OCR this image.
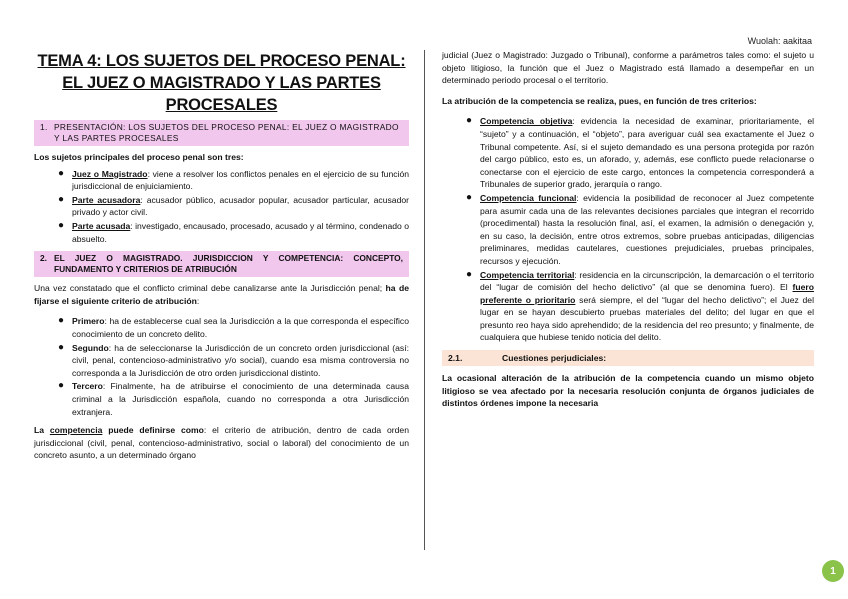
Wuolah: aakitaa
TEMA 4: LOS SUJETOS DEL PROCESO PENAL: EL JUEZ O MAGISTRADO Y LAS PARTES PROCESALES
1. PRESENTACIÓN: LOS SUJETOS DEL PROCESO PENAL: EL JUEZ O MAGISTRADO Y LAS PARTES PROCESALES

Los sujetos principales del proceso penal son tres:

● Juez o Magistrado: viene a resolver los conflictos penales en el ejercicio de su función jurisdiccional de enjuiciamiento.
● Parte acusadora: acusador público, acusador popular, acusador particular, acusador privado y actor civil.
● Parte acusada: investigado, encausado, procesado, acusado y al término, condenado o absuelto.
2. EL JUEZ O MAGISTRADO. JURISDICCION Y COMPETENCIA: CONCEPTO, FUNDAMENTO Y CRITERIOS DE ATRIBUCIÓN

Una vez constatado que el conflicto criminal debe canalizarse ante la Jurisdicción penal; ha de fijarse el siguiente criterio de atribución:

● Primero: ha de establecerse cual sea la Jurisdicción a la que corresponda el específico conocimiento de un concreto delito.
● Segundo: ha de seleccionarse la Jurisdicción de un concreto orden jurisdiccional (así: civil, penal, contencioso-administrativo y/o social), cuando esa misma controversia no corresponda a la Jurisdicción de otro orden jurisdiccional distinto.
● Tercero: Finalmente, ha de atribuirse el conocimiento de una determinada causa criminal a la Jurisdicción española, cuando no corresponda a otra Jurisdicción extranjera.

La competencia puede definirse como: el criterio de atribución, dentro de cada orden jurisdiccional (civil, penal, contencioso-administrativo, social o laboral) del conocimiento de un concreto asunto, a un determinado órgano

judicial (Juez o Magistrado: Juzgado o Tribunal), conforme a parámetros tales como: el sujeto u objeto litigioso, la función que el Juez o Magistrado está llamado a desempeñar en un determinado periodo procesal o el territorio.

La atribución de la competencia se realiza, pues, en función de tres criterios:

● Competencia objetiva: evidencia la necesidad de examinar, prioritariamente, el “sujeto” y a continuación, el “objeto”, para averiguar cuál sea exactamente el Juez o Tribunal competente. Así, si el sujeto demandado es una persona protegida por razón del cargo público, esto es, un aforado, y, además, ese conflicto puede relacionarse o conectarse con el ejercicio de este cargo, entonces la competencia corresponderá a Tribunales de superior grado, jerarquía o rango.
● Competencia funcional: evidencia la posibilidad de reconocer al Juez competente para asumir cada una de las relevantes decisiones parciales que integran el recorrido (procedimental) hasta la resolución final, así, el examen, la admisión o denegación y, en su caso, la decisión, entre otros extremos, sobre pruebas anticipadas, diligencias preliminares, medidas cautelares, cuestiones prejudiciales, pruebas principales, recursos y ejecución.
● Competencia territorial: residencia en la circunscripción, la demarcación o el territorio del “lugar de comisión del hecho delictivo” (al que se denomina fuero). El fuero preferente o prioritario será siempre, el del “lugar del hecho delictivo”; el Juez del lugar en se hayan descubierto pruebas materiales del delito; del lugar en que el presunto reo haya sido aprehendido; de la residencia del reo presunto; y finalmente, de cualquiera que hubiese tenido noticia del delito.
2.1.	Cuestiones perjudiciales:

La ocasional alteración de la atribución de la competencia cuando un mismo objeto litigioso se vea afectado por la necesaria resolución conjunta de órganos judiciales de distintos órdenes impone la necesaria

1
